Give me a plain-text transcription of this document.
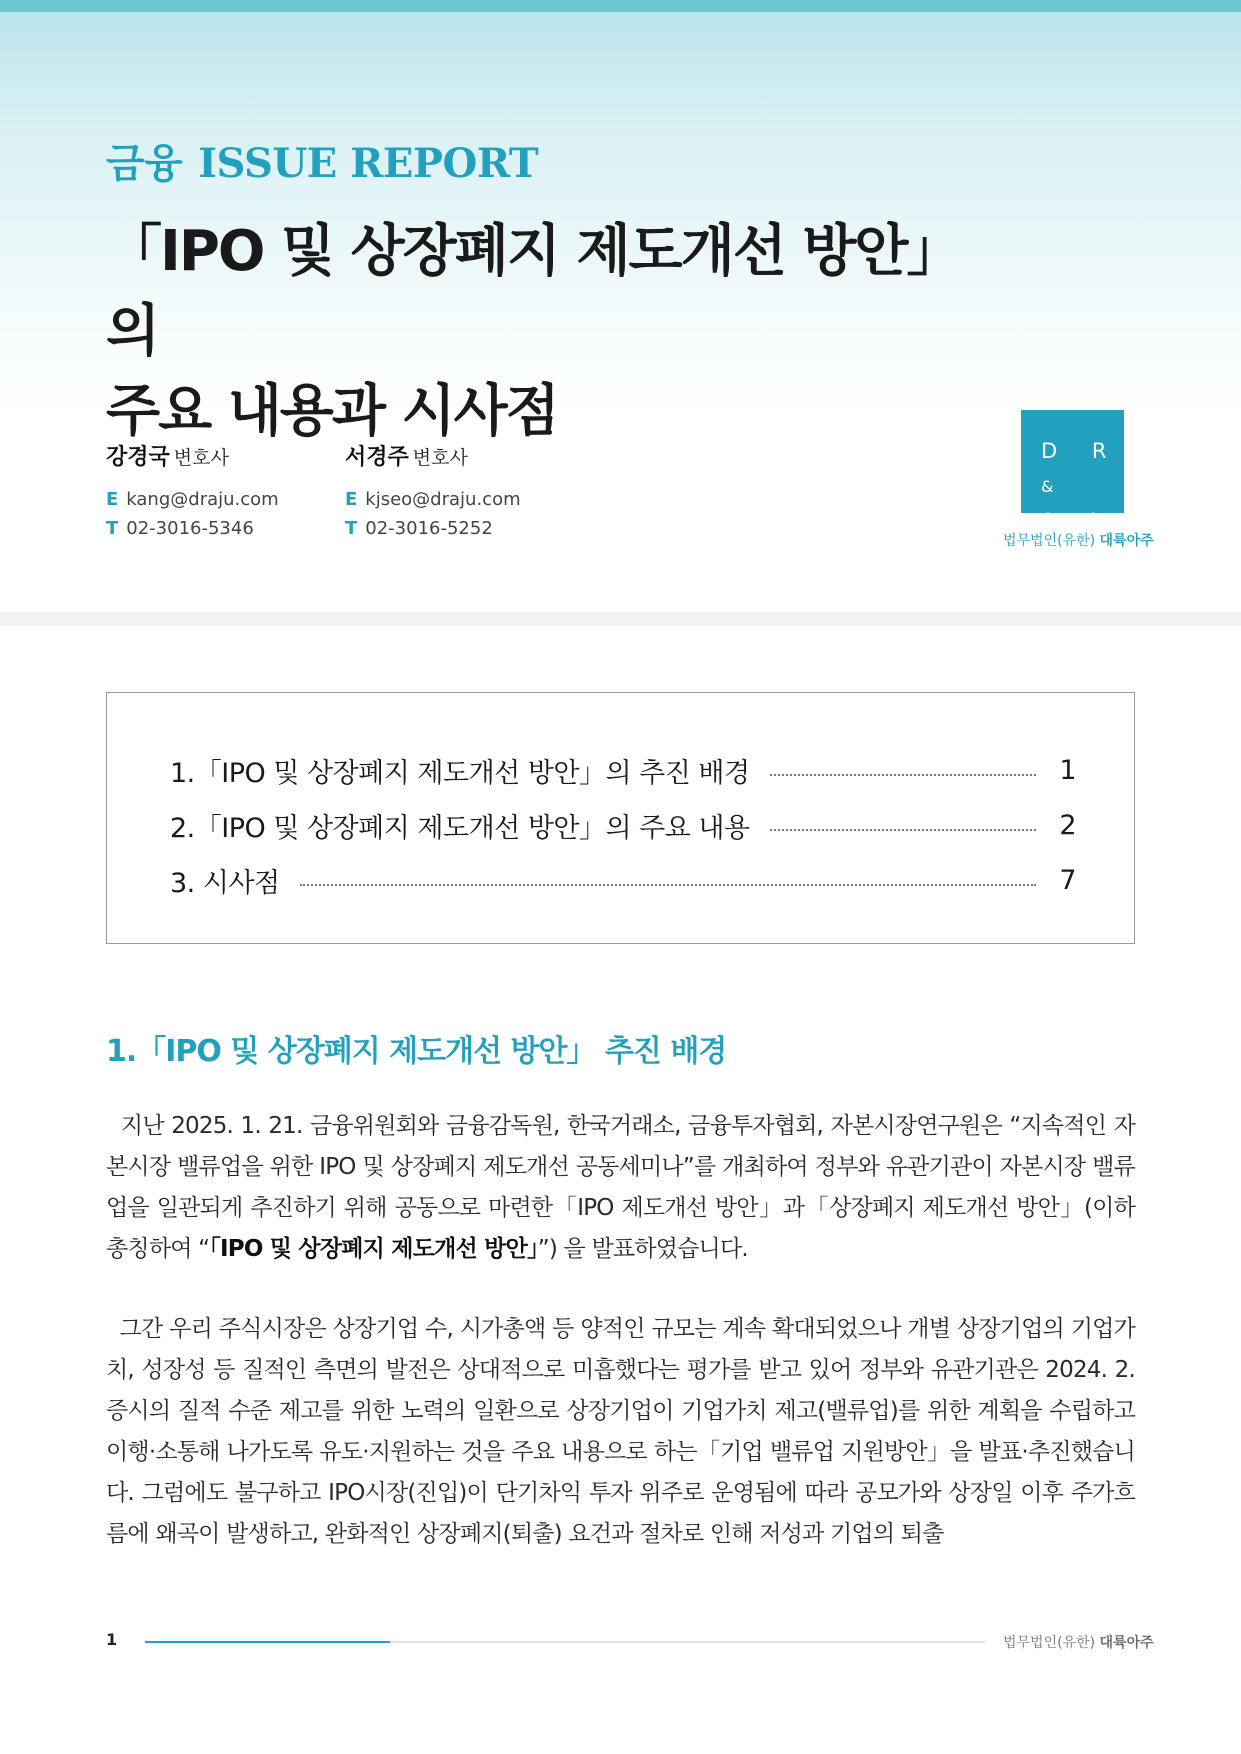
금융 ISSUE REPORT
「IPO 및 상장폐지 제도개선 방안」의
주요 내용과 시사점
강경국 변호사
E kang@draju.com
T 02-3016-5346
서경주 변호사
E kjseo@draju.com
T 02-3016-5252
D R &
A J U
법무법인(유한) 대륙아주
1.「IPO 및 상장폐지 제도개선 방안」의 추진 배경	1
2.「IPO 및 상장폐지 제도개선 방안」의 주요 내용	2
3. 시사점	7
1.「IPO 및 상장폐지 제도개선 방안」 추진 배경
지난 2025. 1. 21. 금융위원회와 금융감독원, 한국거래소, 금융투자협회, 자본시장연구원은 “지속적인 자본시장 밸류업을 위한 IPO 및 상장폐지 제도개선 공동세미나”를 개최하여 정부와 유관기관이 자본시장 밸류업을 일관되게 추진하기 위해 공동으로 마련한「IPO 제도개선 방안」과「상장폐지 제도개선 방안」(이하 총칭하여 “「IPO 및 상장폐지 제도개선 방안」”) 을 발표하였습니다.
그간 우리 주식시장은 상장기업 수, 시가총액 등 양적인 규모는 계속 확대되었으나 개별 상장기업의 기업가치, 성장성 등 질적인 측면의 발전은 상대적으로 미흡했다는 평가를 받고 있어 정부와 유관기관은 2024. 2. 증시의 질적 수준 제고를 위한 노력의 일환으로 상장기업이 기업가치 제고(밸류업)를 위한 계획을 수립하고 이행·소통해 나가도록 유도·지원하는 것을 주요 내용으로 하는「기업 밸류업 지원방안」을 발표·추진했습니다. 그럼에도 불구하고 IPO시장(진입)이 단기차익 투자 위주로 운영됨에 따라 공모가와 상장일 이후 주가흐름에 왜곡이 발생하고, 완화적인 상장폐지(퇴출) 요건과 절차로 인해 저성과 기업의 퇴출
1	법무법인(유한) 대륙아주
